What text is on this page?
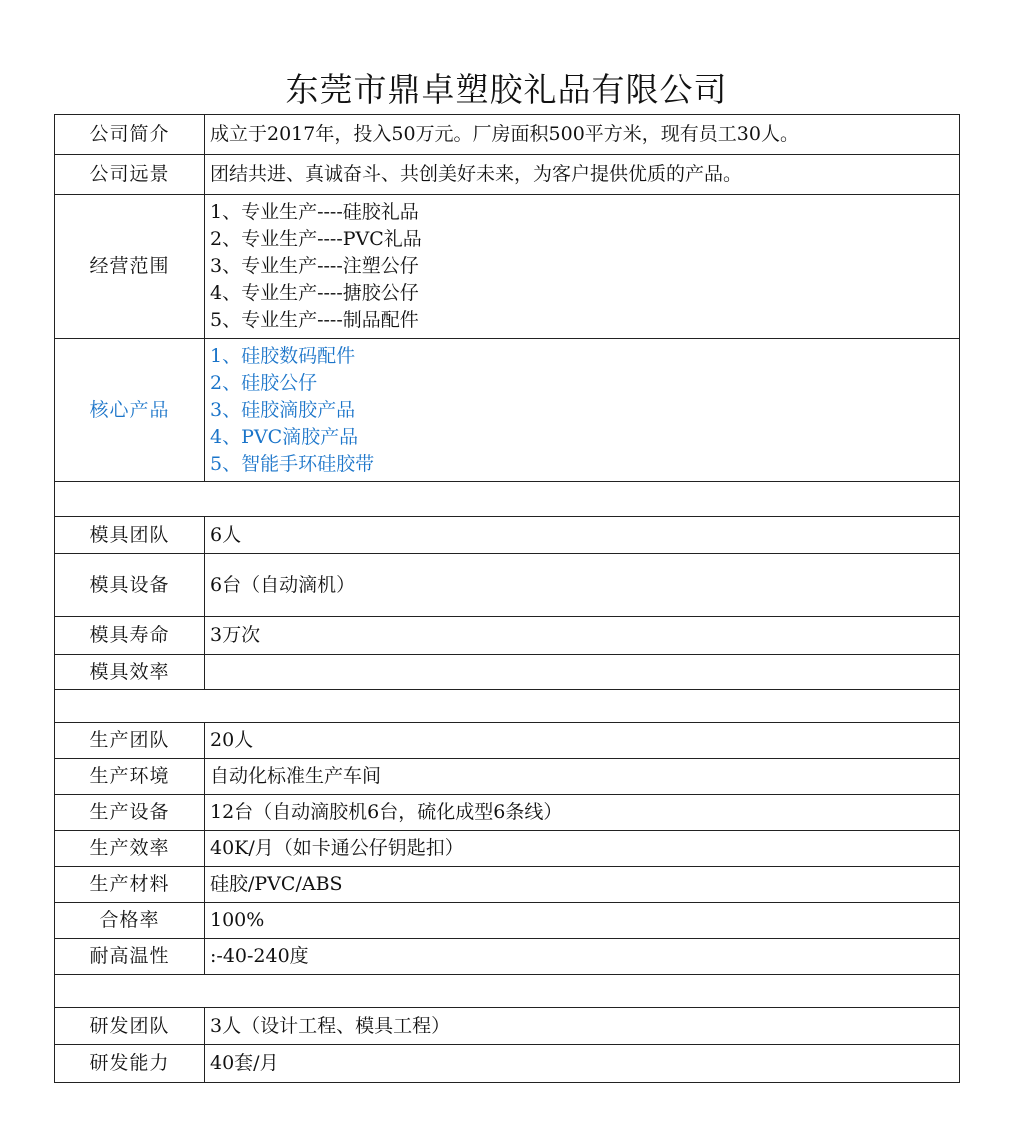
东莞市鼎卓塑胶礼品有限公司
公司简介	成立于2017年，投入50万元。厂房面积500平方米，现有员工30人。
公司远景	团结共进、真诚奋斗、共创美好未来，为客户提供优质的产品。
经营范围	1、专业生产----硅胶礼品
2、专业生产----PVC礼品
3、专业生产----注塑公仔
4、专业生产----搪胶公仔
5、专业生产----制品配件

核心产品	1、硅胶数码配件
2、硅胶公仔
3、硅胶滴胶产品
4、PVC滴胶产品
5、智能手环硅胶带

模具团队	6人
模具设备	6台（自动滴机）
模具寿命	3万次
模具效率	

生产团队	20人
生产环境	自动化标准生产车间
生产设备	12台（自动滴胶机6台，硫化成型6条线）
生产效率	40K/月（如卡通公仔钥匙扣）
生产材料	硅胶/PVC/ABS
合格率	100%
耐高温性	:-40-240度

研发团队	3人（设计工程、模具工程）
研发能力	40套/月
